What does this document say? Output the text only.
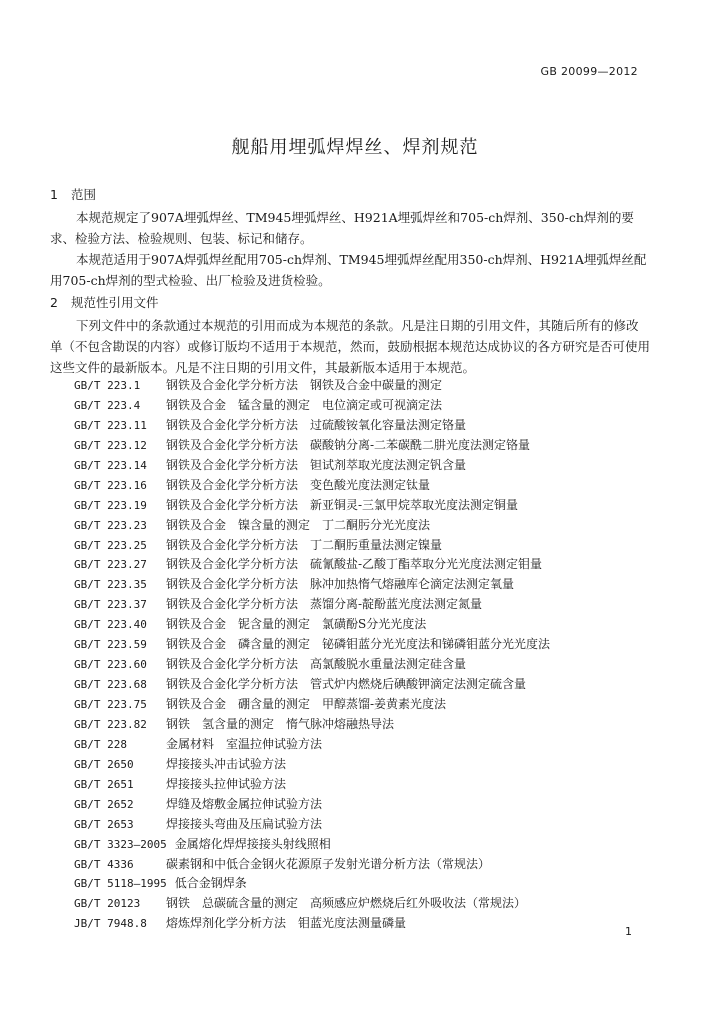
GB 20099—2012
舰船用埋弧焊焊丝、焊剂规范
1 范围

本规范规定了907A埋弧焊丝、TM945埋弧焊丝、H921A埋弧焊丝和705-ch焊剂、350-ch焊剂的要求、检验方法、检验规则、包装、标记和储存。

本规范适用于907A焊弧焊丝配用705-ch焊剂、TM945埋弧焊丝配用350-ch焊剂、H921A埋弧焊丝配用705-ch焊剂的型式检验、出厂检验及进货检验。

2 规范性引用文件

下列文件中的条款通过本规范的引用而成为本规范的条款。凡是注日期的引用文件，其随后所有的修改单（不包含勘误的内容）或修订版均不适用于本规范，然而，鼓励根据本规范达成协议的各方研究是否可使用这些文件的最新版本。凡是不注日期的引用文件，其最新版本适用于本规范。

GB/T 223.1 钢铁及合金化学分析方法　钢铁及合金中碳量的测定
GB/T 223.4 钢铁及合金　锰含量的测定　电位滴定或可视滴定法
GB/T 223.11 钢铁及合金化学分析方法　过硫酸铵氧化容量法测定铬量
GB/T 223.12 钢铁及合金化学分析方法　碳酸钠分离-二苯碳酰二肼光度法测定铬量
GB/T 223.14 钢铁及合金化学分析方法　钽试剂萃取光度法测定钒含量
GB/T 223.16 钢铁及合金化学分析方法　变色酸光度法测定钛量
GB/T 223.19 钢铁及合金化学分析方法　新亚铜灵-三氯甲烷萃取光度法测定铜量
GB/T 223.23 钢铁及合金　镍含量的测定　丁二酮肟分光光度法
GB/T 223.25 钢铁及合金化学分析方法　丁二酮肟重量法测定镍量
GB/T 223.27 钢铁及合金化学分析方法　硫氰酸盐-乙酸丁酯萃取分光光度法测定钼量
GB/T 223.35 钢铁及合金化学分析方法　脉冲加热惰气熔融库仑滴定法测定氧量
GB/T 223.37 钢铁及合金化学分析方法　蒸馏分离-靛酚蓝光度法测定氮量
GB/T 223.40 钢铁及合金　铌含量的测定　氯磺酚S分光光度法
GB/T 223.59 钢铁及合金　磷含量的测定　铋磷钼蓝分光光度法和锑磷钼蓝分光光度法
GB/T 223.60 钢铁及合金化学分析方法　高氯酸脱水重量法测定硅含量
GB/T 223.68 钢铁及合金化学分析方法　管式炉内燃烧后碘酸钾滴定法测定硫含量
GB/T 223.75 钢铁及合金　硼含量的测定　甲醇蒸馏-姜黄素光度法
GB/T 223.82 钢铁　氢含量的测定　惰气脉冲熔融热导法
GB/T 228	金属材料　室温拉伸试验方法
GB/T 2650	焊接接头冲击试验方法
GB/T 2651	焊接接头拉伸试验方法
GB/T 2652	焊缝及熔敷金属拉伸试验方法
GB/T 2653	焊接接头弯曲及压扁试验方法
GB/T 3323—2005 金属熔化焊焊接接头射线照相
GB/T 4336	碳素钢和中低合金钢火花源原子发射光谱分析方法（常规法）
GB/T 5118—1995 低合金钢焊条
GB/T 20123 钢铁　总碳硫含量的测定　高频感应炉燃烧后红外吸收法（常规法）
JB/T 7948.8 熔炼焊剂化学分析方法　钼蓝光度法测量磷量
1
